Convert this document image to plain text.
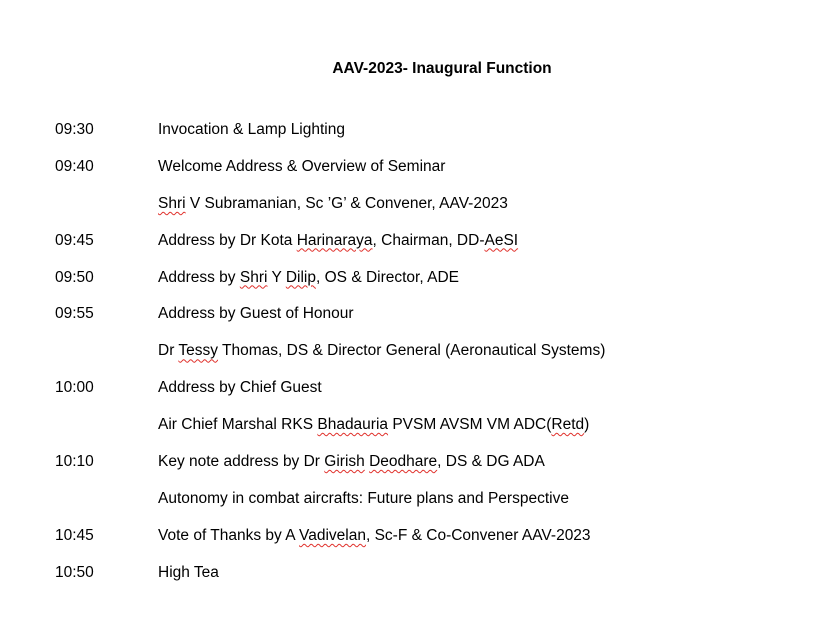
AAV-2023- Inaugural Function
09:30	Invocation & Lamp Lighting
09:40	Welcome Address & Overview of Seminar
Shri V Subramanian, Sc ’G’ & Convener, AAV-2023
09:45	Address by Dr Kota Harinaraya, Chairman, DD-AeSI
09:50	Address by Shri Y Dilip, OS & Director, ADE
09:55	Address by Guest of Honour
Dr Tessy Thomas, DS & Director General (Aeronautical Systems)
10:00	Address by Chief Guest
Air Chief Marshal RKS Bhadauria PVSM AVSM VM ADC(Retd)
10:10	Key note address by Dr Girish Deodhare, DS & DG ADA
Autonomy in combat aircrafts: Future plans and Perspective
10:45	Vote of Thanks by A Vadivelan, Sc-F & Co-Convener AAV-2023
10:50	High Tea
